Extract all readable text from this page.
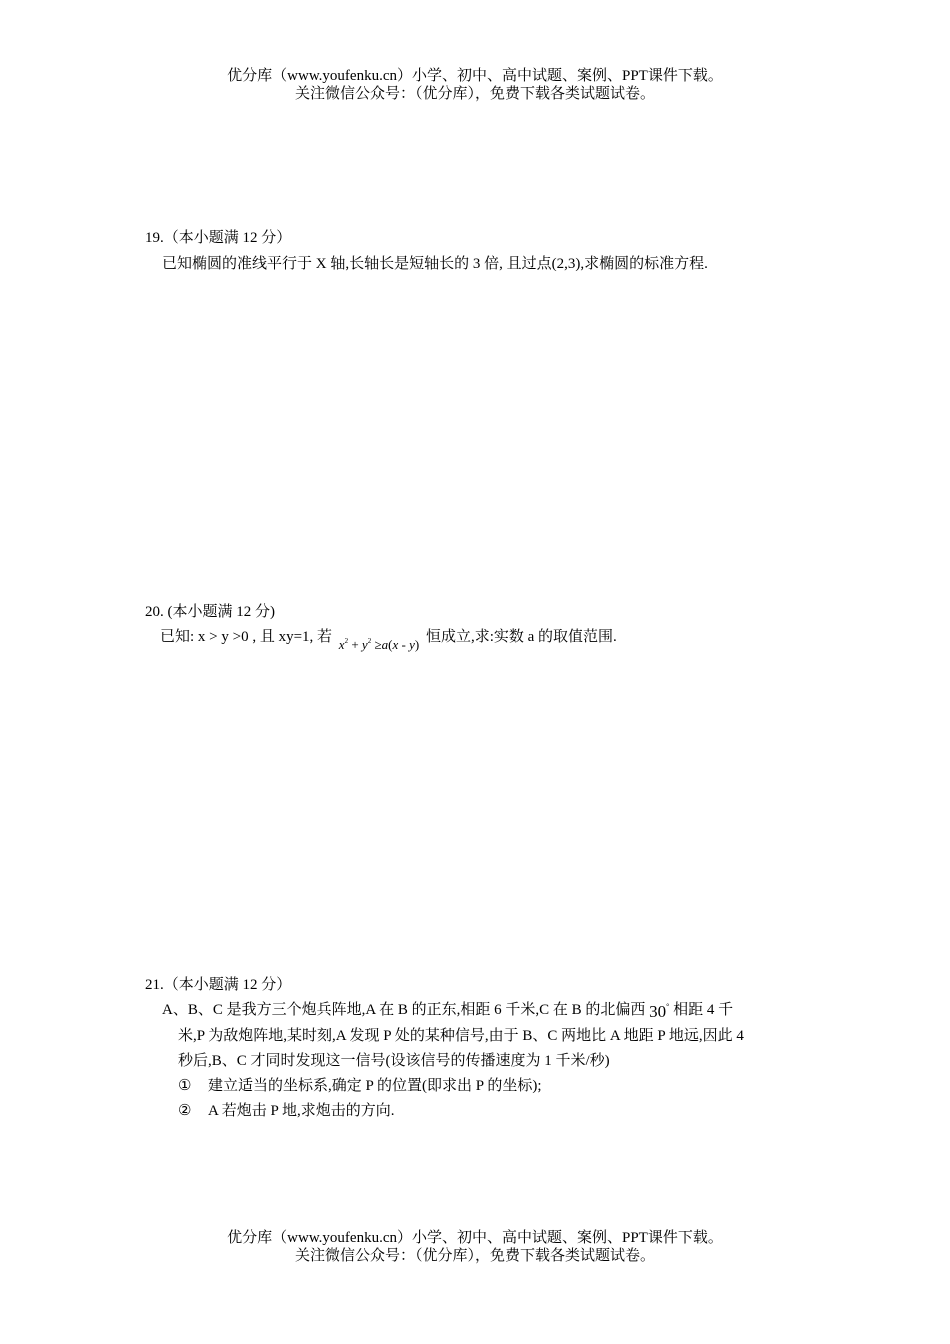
优分库（www.youfenku.cn）小学、初中、高中试题、案例、PPT课件下载。
关注微信公众号：（优分库），免费下载各类试题试卷。
19.（本小题满 12 分）
已知椭圆的准线平行于 X 轴,长轴长是短轴长的 3 倍, 且过点(2,3),求椭圆的标准方程.
20. (本小题满 12 分)
已知: x > y >0 , 且 xy=1, 若 $x^2 + y^2 \ge a(x - y)$ 恒成立,求:实数 a 的取值范围.
21.（本小题满 12 分）
A、B、C 是我方三个炮兵阵地,A 在 B 的正东,相距 6 千米,C 在 B 的北偏西 30° 相距 4 千
米,P 为敌炮阵地,某时刻,A 发现 P 处的某种信号,由于 B、C 两地比 A 地距 P 地远,因此 4
秒后,B、C 才同时发现这一信号(设该信号的传播速度为 1 千米/秒)
① 建立适当的坐标系,确定 P 的位置(即求出 P 的坐标);
② A 若炮击 P 地,求炮击的方向.
优分库（www.youfenku.cn）小学、初中、高中试题、案例、PPT课件下载。
关注微信公众号：（优分库），免费下载各类试题试卷。
